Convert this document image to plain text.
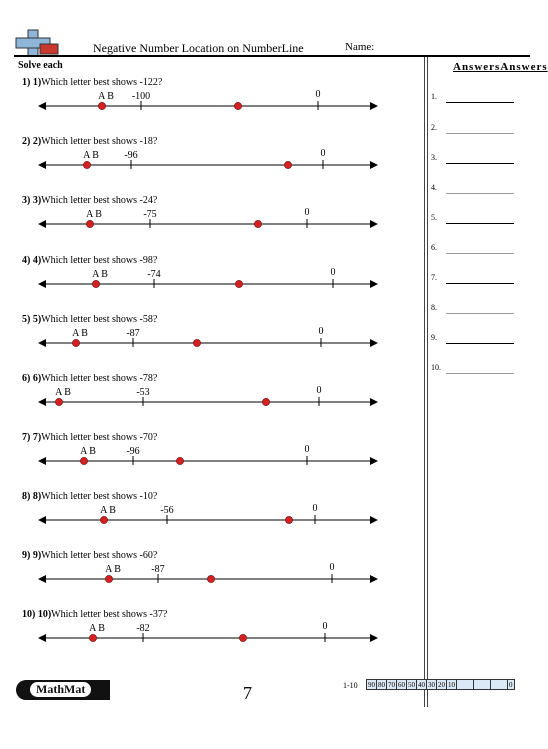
Negative Number Location on NumberLine	Name:
Solve each	AnswersAnswers
1.
2.
3.
4.
5.
6.
7.
8.
9.
10.
1) 1)Which letter best shows -122?
A B -100	0
2) 2)Which letter best shows -18?
A B	-96	0
3) 3)Which letter best shows -24?
A B	-75	0
4) 4)Which letter best shows -98?
A B	-74	0
5) 5)Which letter best shows -58?
A B	-87	0
6) 6)Which letter best shows -78?
A B	-53	0
7) 7)Which letter best shows -70?
A B	-96	0
8) 8)Which letter best shows -10?
A B	-56	0
9) 9)Which letter best shows -60?
A B	-87	0
10) 10)Which letter best shows -37?
A B	-82	0
MathMat	7	1-10 90	80	70	60	50	40	30	20	10				0
